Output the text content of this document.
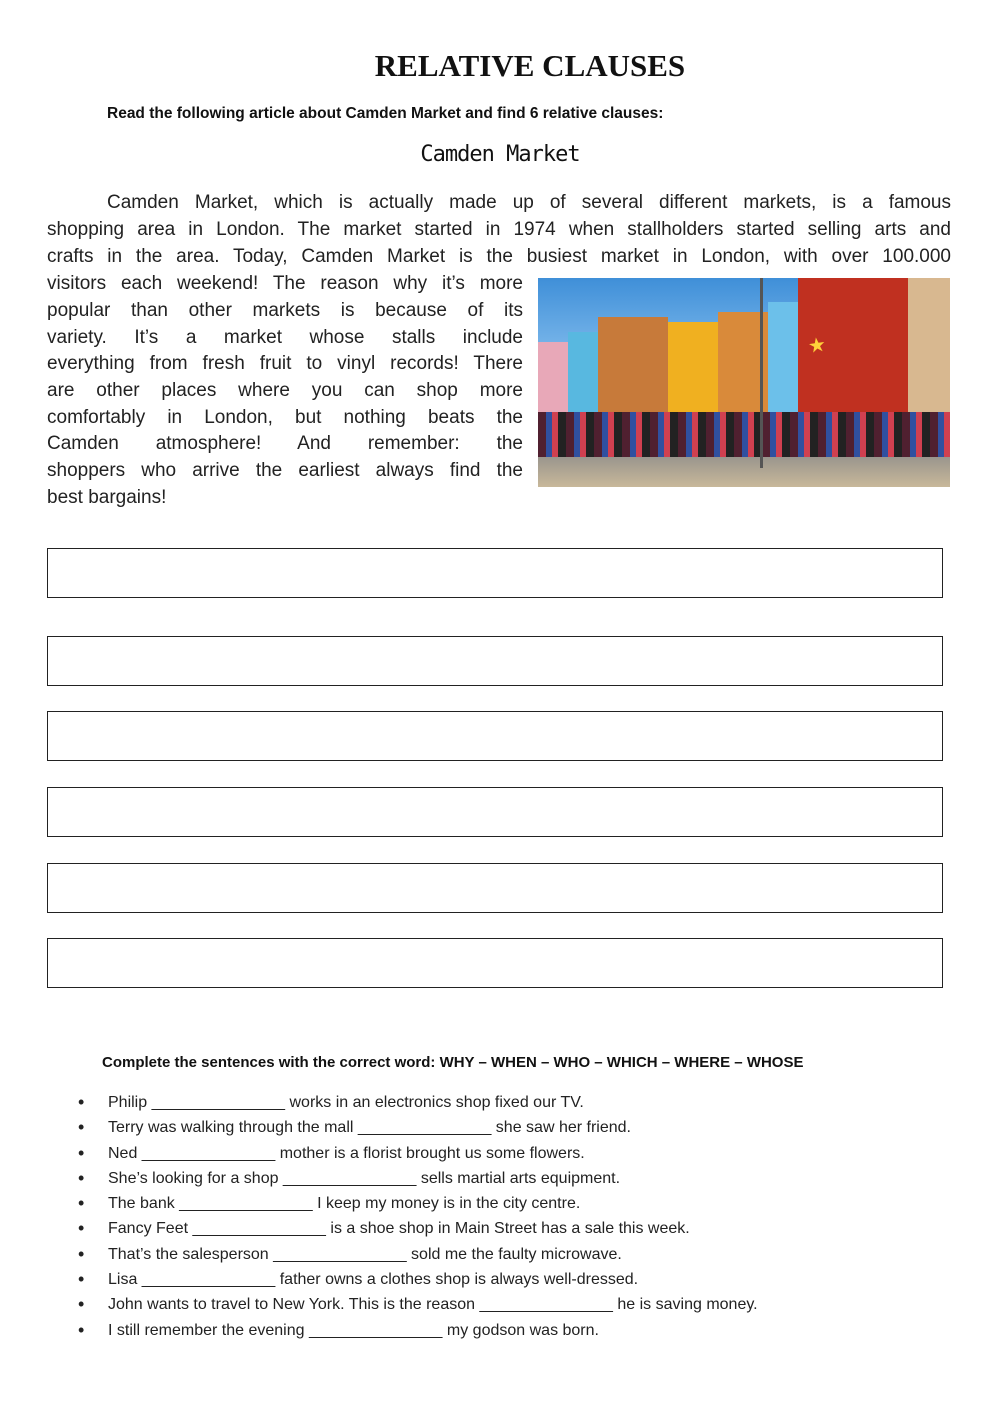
RELATIVE CLAUSES
Read the following article about Camden Market and find 6 relative clauses:
Camden Market
Camden Market, which is actually made up of several different markets, is a famous
shopping area in London. The market started in 1974 when stallholders started selling arts and
crafts in the area. Today, Camden Market is the busiest market in London, with over 100.000
visitors each weekend! The reason why it’s more
popular than other markets is because of its
variety. It’s a market whose stalls include
everything from fresh fruit to vinyl records! There
are other places where you can shop more
comfortably in London, but nothing beats the
Camden atmosphere! And remember: the
shoppers who arrive the earliest always find the
best bargains!
★
Complete the sentences with the correct word: WHY – WHEN – WHO – WHICH – WHERE – WHOSE
• Philip _______________ works in an electronics shop fixed our TV.
• Terry was walking through the mall _______________ she saw her friend.
• Ned _______________ mother is a florist brought us some flowers.
• She’s looking for a shop _______________ sells martial arts equipment.
• The bank _______________ I keep my money is in the city centre.
• Fancy Feet _______________ is a shoe shop in Main Street has a sale this week.
• That’s the salesperson _______________ sold me the faulty microwave.
• Lisa _______________ father owns a clothes shop is always well-dressed.
• John wants to travel to New York. This is the reason _______________ he is saving money.
• I still remember the evening _______________ my godson was born.
